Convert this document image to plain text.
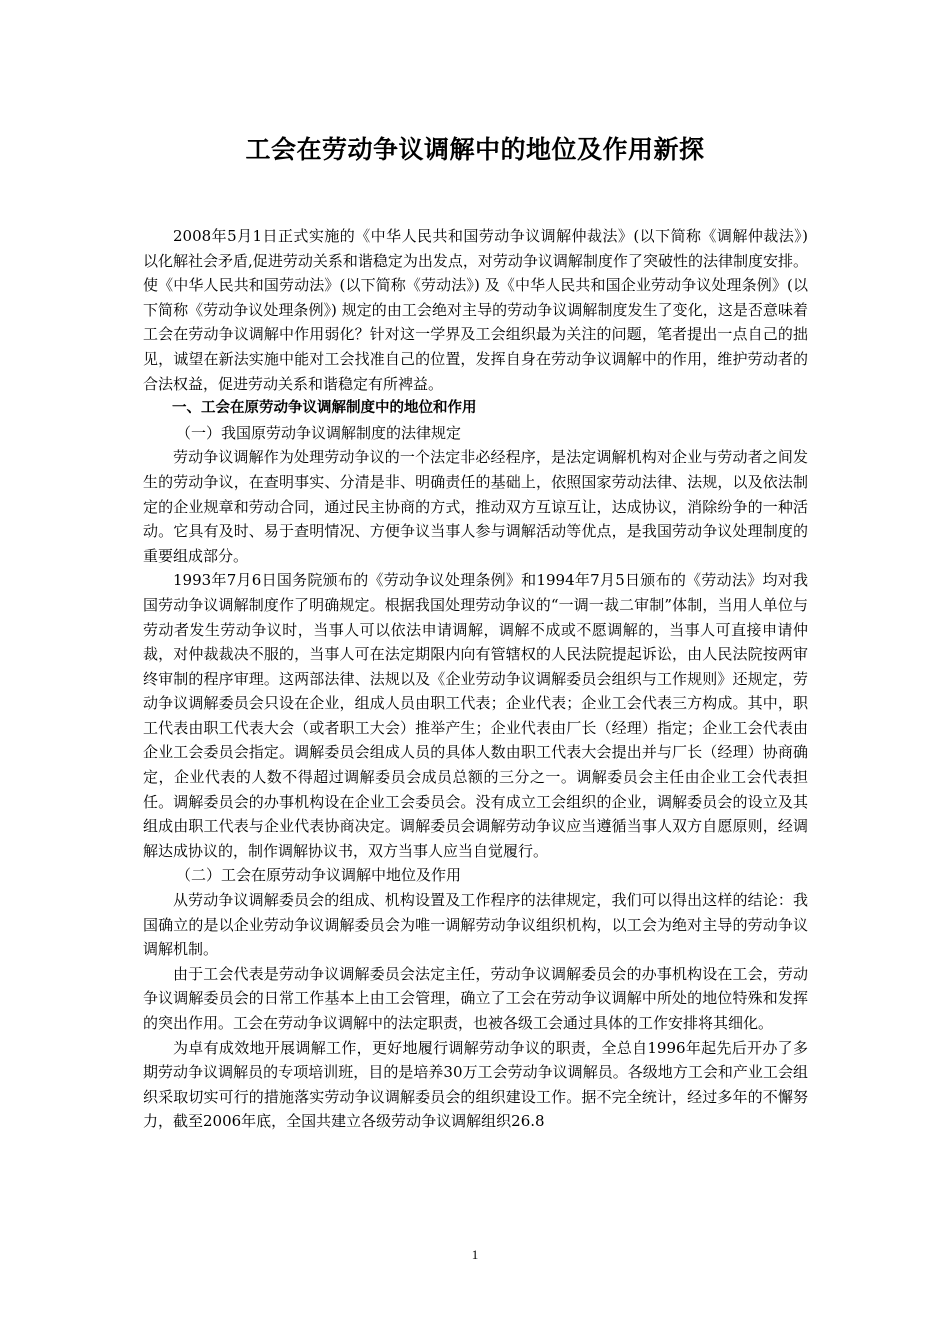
工会在劳动争议调解中的地位及作用新探

2008年5月1日正式实施的《中华人民共和国劳动争议调解仲裁法》(以下简称《调解仲裁法》) 以化解社会矛盾,促进劳动关系和谐稳定为出发点，对劳动争议调解制度作了突破性的法律制度安排。使《中华人民共和国劳动法》(以下简称《劳动法》) 及《中华人民共和国企业劳动争议处理条例》(以下简称《劳动争议处理条例》) 规定的由工会绝对主导的劳动争议调解制度发生了变化，这是否意味着工会在劳动争议调解中作用弱化？针对这一学界及工会组织最为关注的问题，笔者提出一点自己的拙见，诚望在新法实施中能对工会找准自己的位置，发挥自身在劳动争议调解中的作用，维护劳动者的合法权益，促进劳动关系和谐稳定有所裨益。

一、工会在原劳动争议调解制度中的地位和作用

（一）我国原劳动争议调解制度的法律规定

劳动争议调解作为处理劳动争议的一个法定非必经程序，是法定调解机构对企业与劳动者之间发生的劳动争议，在查明事实、分清是非、明确责任的基础上，依照国家劳动法律、法规，以及依法制定的企业规章和劳动合同，通过民主协商的方式，推动双方互谅互让，达成协议，消除纷争的一种活动。它具有及时、易于查明情况、方便争议当事人参与调解活动等优点，是我国劳动争议处理制度的重要组成部分。

1993年7月6日国务院颁布的《劳动争议处理条例》和1994年7月5日颁布的《劳动法》均对我国劳动争议调解制度作了明确规定。根据我国处理劳动争议的“一调一裁二审制”体制，当用人单位与劳动者发生劳动争议时，当事人可以依法申请调解，调解不成或不愿调解的，当事人可直接申请仲裁，对仲裁裁决不服的，当事人可在法定期限内向有管辖权的人民法院提起诉讼，由人民法院按两审终审制的程序审理。这两部法律、法规以及《企业劳动争议调解委员会组织与工作规则》还规定，劳动争议调解委员会只设在企业，组成人员由职工代表；企业代表；企业工会代表三方构成。其中，职工代表由职工代表大会（或者职工大会）推举产生；企业代表由厂长（经理）指定；企业工会代表由企业工会委员会指定。调解委员会组成人员的具体人数由职工代表大会提出并与厂长（经理）协商确定，企业代表的人数不得超过调解委员会成员总额的三分之一。调解委员会主任由企业工会代表担任。调解委员会的办事机构设在企业工会委员会。没有成立工会组织的企业，调解委员会的设立及其组成由职工代表与企业代表协商决定。调解委员会调解劳动争议应当遵循当事人双方自愿原则，经调解达成协议的，制作调解协议书，双方当事人应当自觉履行。

（二）工会在原劳动争议调解中地位及作用

从劳动争议调解委员会的组成、机构设置及工作程序的法律规定，我们可以得出这样的结论：我国确立的是以企业劳动争议调解委员会为唯一调解劳动争议组织机构，以工会为绝对主导的劳动争议调解机制。

由于工会代表是劳动争议调解委员会法定主任，劳动争议调解委员会的办事机构设在工会，劳动争议调解委员会的日常工作基本上由工会管理，确立了工会在劳动争议调解中所处的地位特殊和发挥的突出作用。工会在劳动争议调解中的法定职责，也被各级工会通过具体的工作安排将其细化。

为卓有成效地开展调解工作，更好地履行调解劳动争议的职责，全总自1996年起先后开办了多期劳动争议调解员的专项培训班，目的是培养30万工会劳动争议调解员。各级地方工会和产业工会组织采取切实可行的措施落实劳动争议调解委员会的组织建设工作。据不完全统计，经过多年的不懈努力，截至2006年底，全国共建立各级劳动争议调解组织26.8

1
